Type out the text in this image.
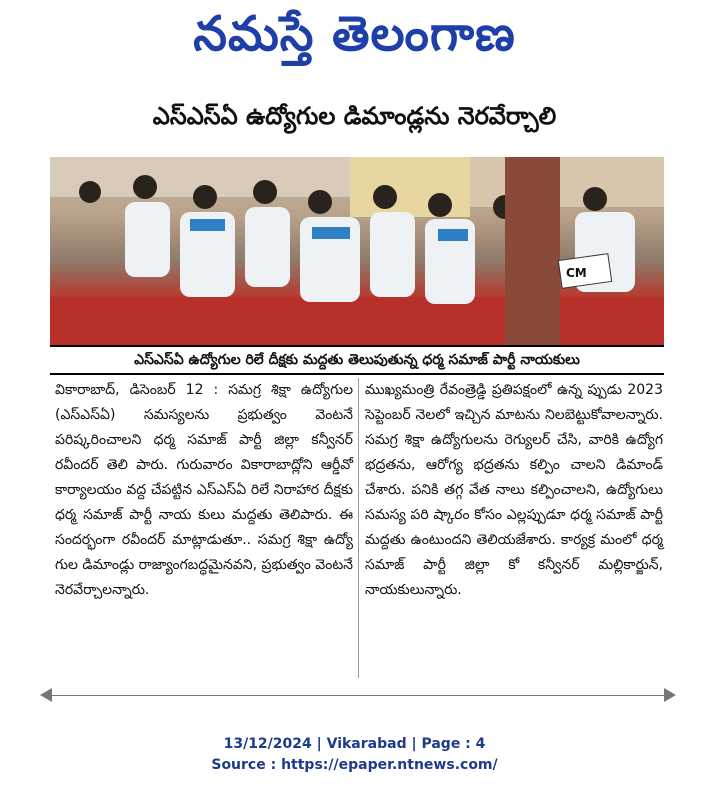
నమస్తే తెలంగాణ
ఎస్ఎస్ఏ ఉద్యోగుల డిమాండ్లను నెరవేర్చాలి
CM
ఎస్ఎస్ఏ ఉద్యోగుల రిలే దీక్షకు మద్దతు తెలుపుతున్న ధర్మ సమాజ్ పార్టీ నాయకులు
వికారాబాద్, డిసెంబర్ 12 : సమగ్ర శిక్షా ఉద్యోగుల (ఎస్ఎస్ఏ) సమస్యలను ప్రభుత్వం వెంటనే పరిష్కరించాలని ధర్మ సమాజ్ పార్టీ జిల్లా కన్వీనర్ రవీందర్ తెలి పారు. గురువారం వికారాబాద్లోని ఆర్డీవో కార్యాలయం వద్ద చేపట్టిన ఎస్ఎస్ఏ రిలే నిరాహార దీక్షకు ధర్మ సమాజ్ పార్టీ నాయ కులు మద్దతు తెలిపారు. ఈ సందర్భంగా రవీందర్ మాట్లాడుతూ.. సమగ్ర శిక్షా ఉద్యో గుల డిమాండ్లు రాజ్యాంగబద్ధమైనవని, ప్రభుత్వం వెంటనే నెరవేర్చాలన్నారు.
ముఖ్యమంత్రి రేవంత్రెడ్డి ప్రతిపక్షంలో ఉన్న ప్పుడు 2023 సెప్టెంబర్ నెలలో ఇచ్చిన మాటను నిలబెట్టుకోవాలన్నారు. సమగ్ర శిక్షా ఉద్యోగులను రెగ్యులర్ చేసి, వారికి ఉద్యోగ భద్రతను, ఆరోగ్య భద్రతను కల్పిం చాలని డిమాండ్ చేశారు. పనికి తగ్గ వేత నాలు కల్పించాలని, ఉద్యోగులు సమస్య పరి ష్కారం కోసం ఎల్లప్పుడూ ధర్మ సమాజ్ పార్టీ మద్దతు ఉంటుందని తెలియజేశారు. కార్యక్ర మంలో ధర్మ సమాజ్ పార్టీ జిల్లా కో కన్వీనర్ మల్లికార్జున్, నాయకులున్నారు.
13/12/2024 | Vikarabad | Page : 4
Source : https://epaper.ntnews.com/
